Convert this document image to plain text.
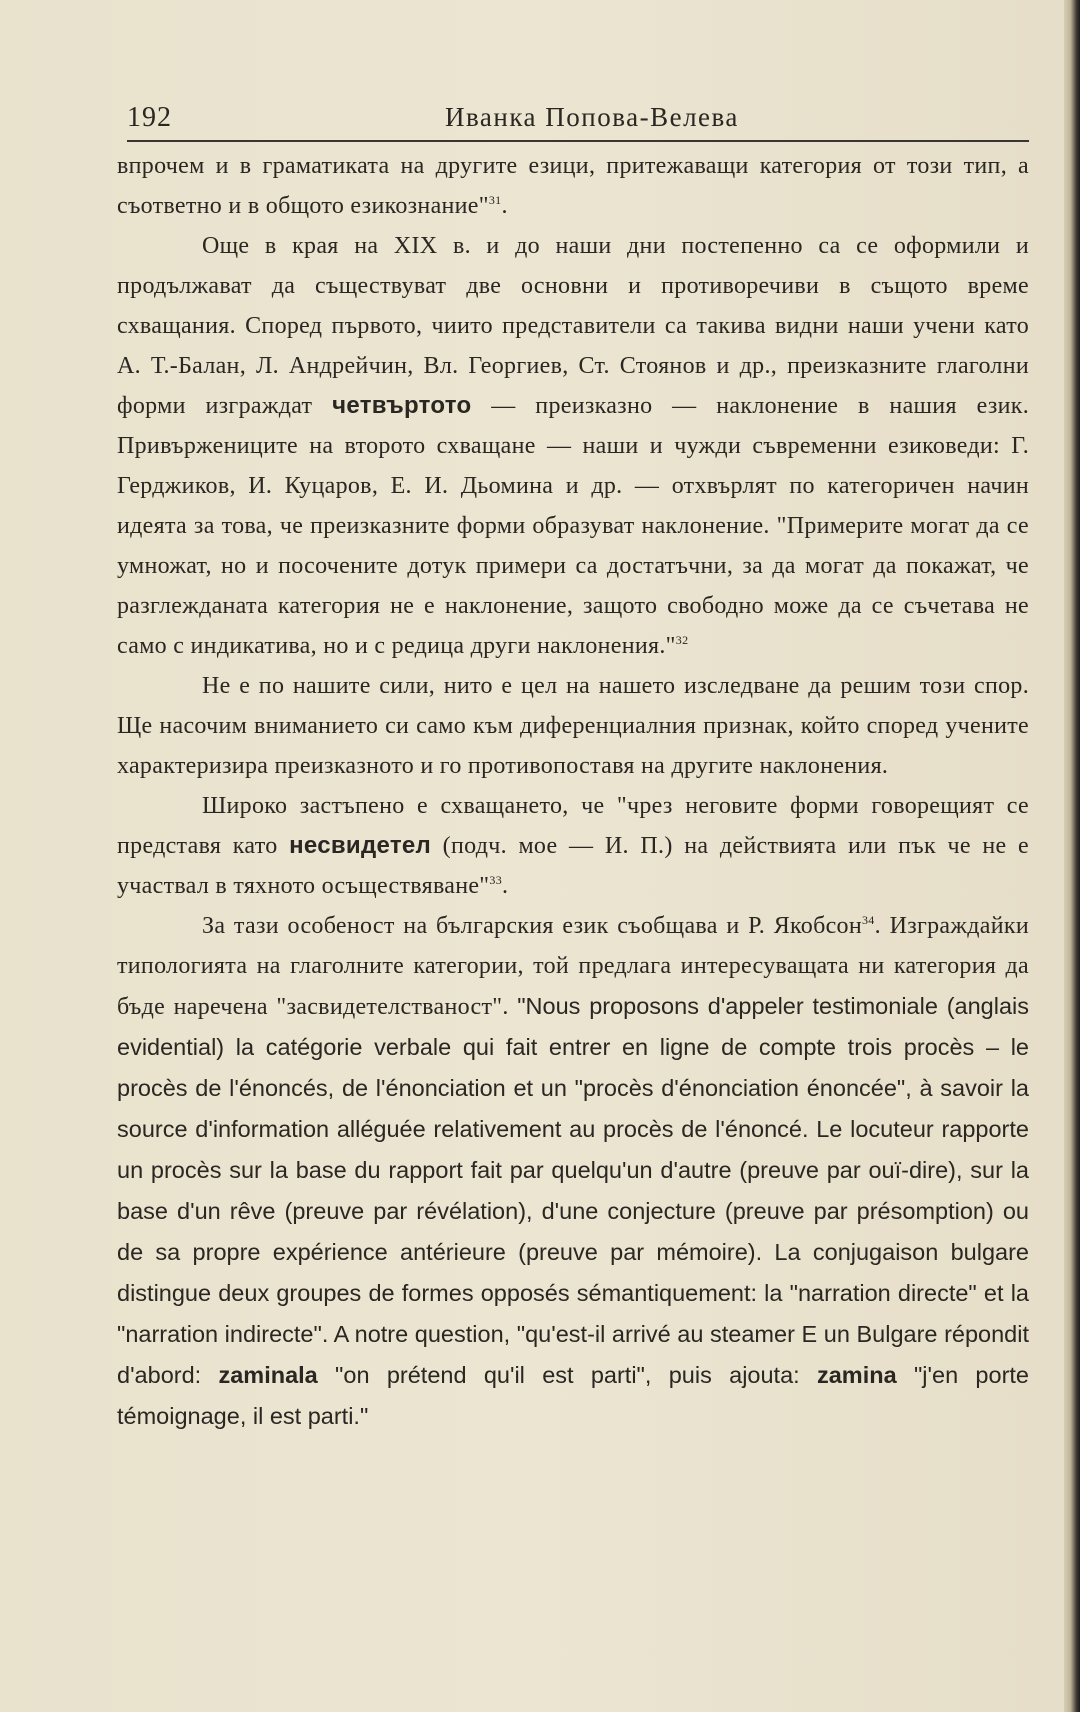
192	Иванка Попова-Велева

впрочем и в граматиката на другите езици, притежаващи категория от този тип, а съответно и в общото езикознание"$^{31}$.

Още в края на XIX в. и до наши дни постепенно са се оформили и продължават да съществуват две основни и противоречиви в същото време схващания. Според първото, чиито представители са такива видни наши учени като А. Т.-Балан, Л. Андрейчин, Вл. Георгиев, Ст. Стоянов и др., преизказните глаголни форми изграждат четвъртото — преизказно — наклонение в нашия език. Привържениците на второто схващане — наши и чужди съвременни езиковеди: Г. Герджиков, И. Куцаров, Е. И. Дьомина и др. — отхвърлят по категоричен начин идеята за това, че преизказните форми образуват наклонение. "Примерите могат да се умножат, но и посочените дотук примери са достатъчни, за да могат да покажат, че разглежданата категория не е наклонение, защото свободно може да се съчетава не само с индикатива, но и с редица други наклонения."$^{32}$

Не е по нашите сили, нито е цел на нашето изследване да решим този спор. Ще насочим вниманието си само към диференциалния признак, който според учените характеризира преизказното и го противопоставя на другите наклонения.

Широко застъпено е схващането, че "чрез неговите форми говорещият се представя като несвидетел (подч. мое — И. П.) на действията или пък че не е участвал в тяхното осъществяване"$^{33}$.

За тази особеност на българския език съобщава и Р. Якобсон$^{34}$. Изграждайки типологията на глаголните категории, той предлага интересуващата ни категория да бъде наречена "засвидетелстваност". "Nous proposons d'appeler testimoniale (anglais evidential) la catégorie verbale qui fait entrer en ligne de compte trois procès – le procès de l'énoncés, de l'énonciation et un "procès d'énonciation énoncée", à savoir la source d'information alléguée relativement au procès de l'énoncé. Le locuteur rapporte un procès sur la base du rapport fait par quelqu'un d'autre (preuve par ouï-dire), sur la base d'un rêve (preuve par révélation), d'une conjecture (preuve par présomption) ou de sa propre expérience antérieure (preuve par mémoire). La conjugaison bulgare distingue deux groupes de formes opposés sémantiquement: la "narration directe" et la "narration indirecte". A notre question, "qu'est-il arrivé au steamer E un Bulgare répondit d'abord: zaminala "on prétend qu'il est parti", puis ajouta: zamina "j'en porte témoignage, il est parti."
